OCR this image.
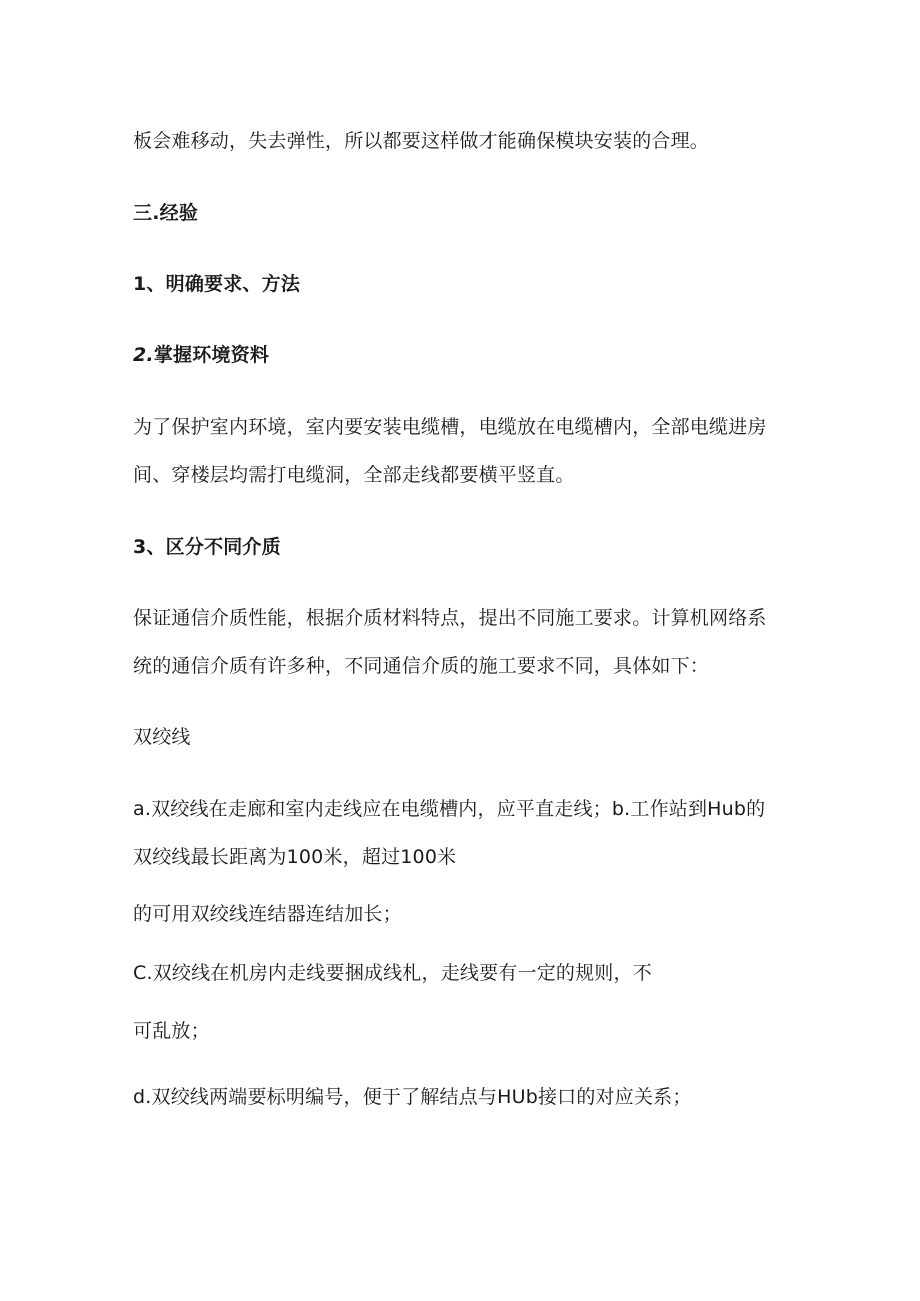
板会难移动，失去弹性，所以都要这样做才能确保模块安装的合理。
三.经验
1、明确要求、方法
2.掌握环境资料
为了保护室内环境，室内要安装电缆槽，电缆放在电缆槽内，全部电缆进房
间、穿楼层均需打电缆洞，全部走线都要横平竖直。
3、区分不同介质
保证通信介质性能，根据介质材料特点，提出不同施工要求。计算机网络系
统的通信介质有许多种，不同通信介质的施工要求不同，具体如下：
双绞线
a.双绞线在走廊和室内走线应在电缆槽内，应平直走线；b.工作站到Hub的
双绞线最长距离为100米，超过100米
的可用双绞线连结器连结加长；
C.双绞线在机房内走线要捆成线札，走线要有一定的规则，不
可乱放；
d.双绞线两端要标明编号，便于了解结点与HUb接口的对应关系；
